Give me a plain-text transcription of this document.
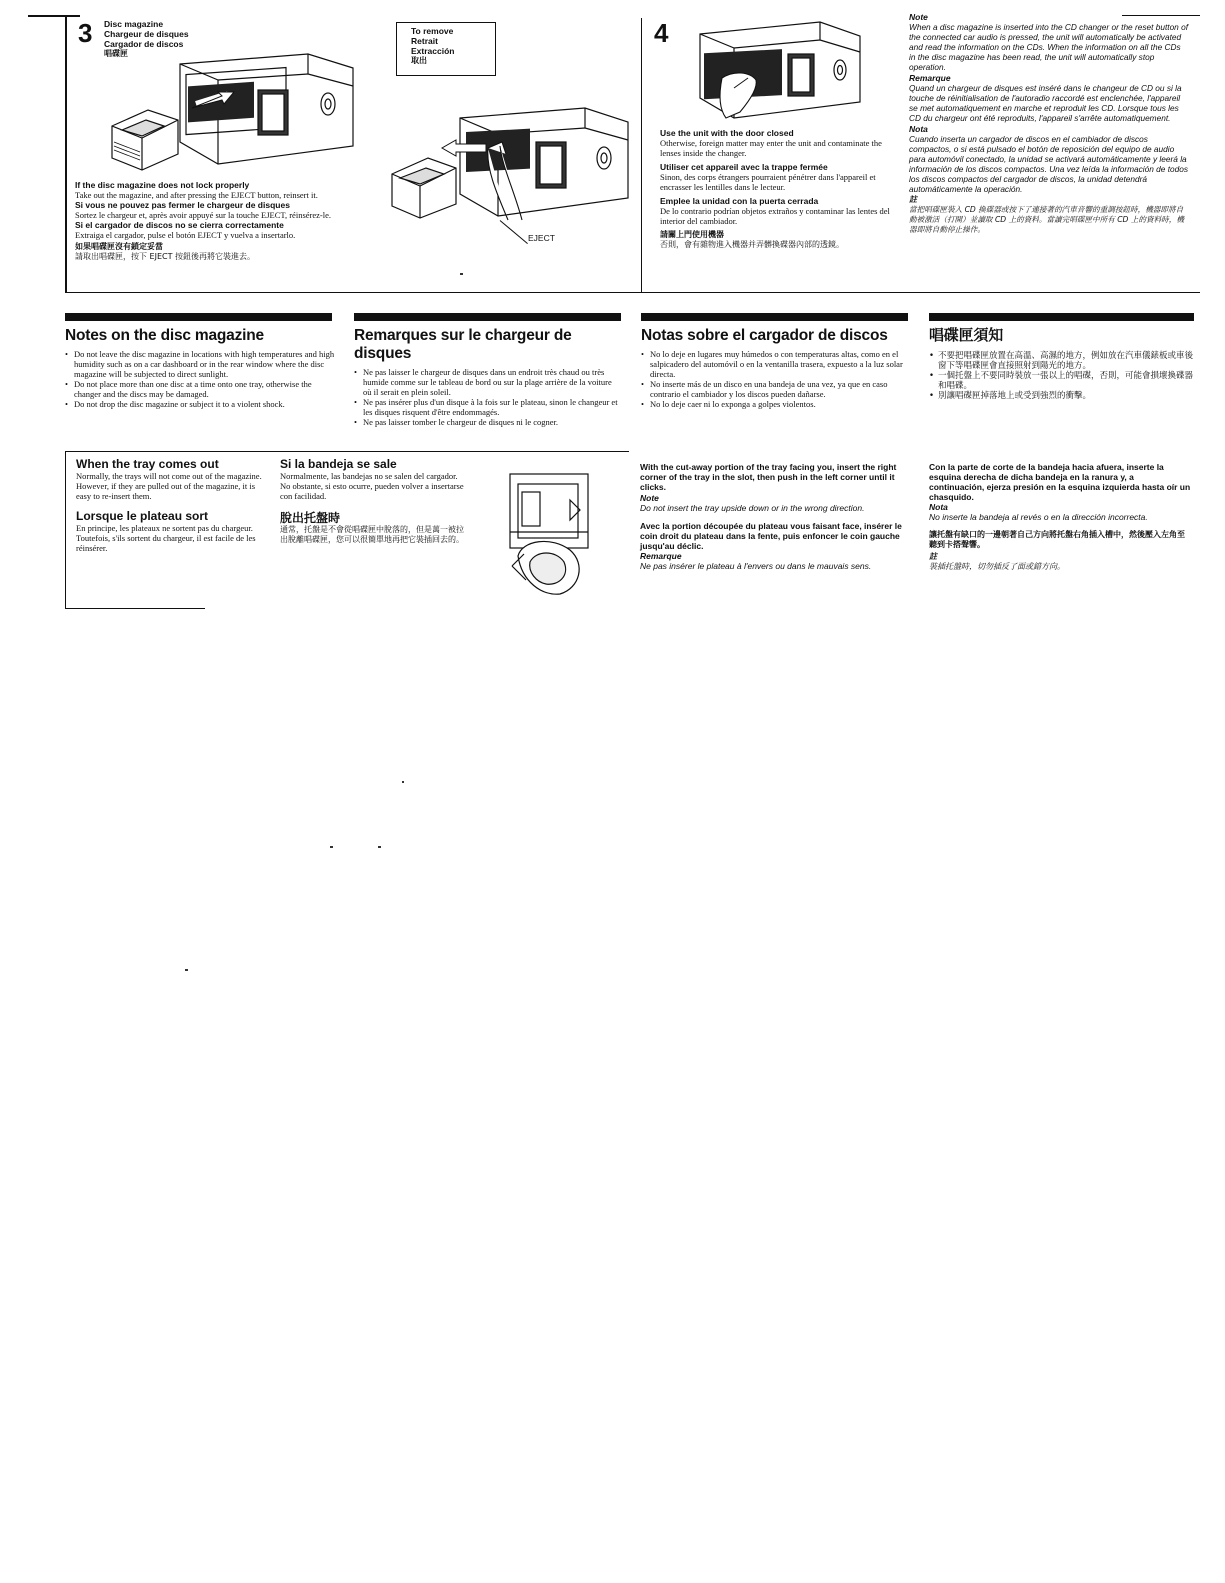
3 Disc magazine
Chargeur de disques
Cargador de discos
唱碟匣
If the disc magazine does not lock properly
Take out the magazine, and after pressing the EJECT button, reinsert it.
Si vous ne pouvez pas fermer le chargeur de disques
Sortez le chargeur et, après avoir appuyé sur la touche EJECT, réinsérez-le.
Si el cargador de discos no se cierra correctamente
Extraiga el cargador, pulse el botón EJECT y vuelva a insertarlo.
如果唱碟匣沒有鎖定妥當
請取出唱碟匣，按下 EJECT 按鈕後再將它裝進去。
To remove
Retrait
Extracción
取出
EJECT
4
Use the unit with the door closed
Otherwise, foreign matter may enter the unit and contaminate the lenses inside the changer.
Utiliser cet appareil avec la trappe fermée
Sinon, des corps étrangers pourraient pénétrer dans l'appareil et encrasser les lentilles dans le lecteur.
Emplee la unidad con la puerta cerrada
De lo contrario podrían objetos extraños y contaminar las lentes del interior del cambiador.
請關上門使用機器
否則，會有雜物進入機器并弄髒換碟器內部的透鏡。
Note
When a disc magazine is inserted into the CD changer or the reset button of the connected car audio is pressed, the unit will automatically be activated and read the information on the CDs. When the information on all the CDs in the disc magazine has been read, the unit will automatically stop operation.
Remarque
Quand un chargeur de disques est inséré dans le changeur de CD ou si la touche de réinitialisation de l'autoradio raccordé est enclenchée, l'appareil se met automatiquement en marche et reproduit les CD. Lorsque tous les CD du chargeur ont été reproduits, l'appareil s'arrête automatiquement.
Nota
Cuando inserta un cargador de discos en el cambiador de discos compactos, o si está pulsado el botón de reposición del equipo de audio para automóvil conectado, la unidad se activará automáticamente y leerá la información de los discos compactos. Una vez leída la información de todos los discos compactos del cargador de discos, la unidad detendrá automáticamente la operación.
註
當把唱碟匣裝入 CD 換碟器或按下了連接著的汽車音響的重調按鈕時，機器即將自動被激活（打開）並讀取 CD 上的資料。當讀完唱碟匣中所有 CD 上的資料時，機器即將自動停止操作。
Notes on the disc magazine
• Do not leave the disc magazine in locations with high temperatures and high humidity such as on a car dashboard or in the rear window where the disc magazine will be subjected to direct sunlight.
• Do not place more than one disc at a time onto one tray, otherwise the changer and the discs may be damaged.
• Do not drop the disc magazine or subject it to a violent shock.
Remarques sur le chargeur de disques
• Ne pas laisser le chargeur de disques dans un endroit très chaud ou très humide comme sur le tableau de bord ou sur la plage arrière de la voiture où il serait en plein soleil.
• Ne pas insérer plus d'un disque à la fois sur le plateau, sinon le changeur et les disques risquent d'être endommagés.
• Ne pas laisser tomber le chargeur de disques ni le cogner.
Notas sobre el cargador de discos
• No lo deje en lugares muy húmedos o con temperaturas altas, como en el salpicadero del automóvil o en la ventanilla trasera, expuesto a la luz solar directa.
• No inserte más de un disco en una bandeja de una vez, ya que en caso contrario el cambiador y los discos pueden dañarse.
• No lo deje caer ni lo exponga a golpes violentos.
唱碟匣須知
• 不要把唱碟匣放置在高溫、高濕的地方，例如放在汽車儀錶板或車後窗下等唱碟匣會直接照射到陽光的地方。
• 一個托盤上不要同時裝放一張以上的唱碟，否則，可能會損壞換碟器和唱碟。
• 別讓唱碟匣掉落地上或受到強烈的衝擊。
When the tray comes out
Normally, the trays will not come out of the magazine. However, if they are pulled out of the magazine, it is easy to re-insert them.
Lorsque le plateau sort
En principe, les plateaux ne sortent pas du chargeur. Toutefois, s'ils sortent du chargeur, il est facile de les réinsérer.
Si la bandeja se sale
Normalmente, las bandejas no se salen del cargador. No obstante, si esto ocurre, pueden volver a insertarse con facilidad.
脫出托盤時
通常，托盤是不會從唱碟匣中脫落的，但是萬一被拉出脫離唱碟匣，您可以很簡單地再把它裝插回去的。
With the cut-away portion of the tray facing you, insert the right corner of the tray in the slot, then push in the left corner until it clicks.
Note
Do not insert the tray upside down or in the wrong direction.
Avec la portion découpée du plateau vous faisant face, insérer le coin droit du plateau dans la fente, puis enfoncer le coin gauche jusqu'au déclic.
Remarque
Ne pas insérer le plateau à l'envers ou dans le mauvais sens.
Con la parte de corte de la bandeja hacia afuera, inserte la esquina derecha de dicha bandeja en la ranura y, a continuación, ejerza presión en la esquina izquierda hasta oír un chasquido.
Nota
No inserte la bandeja al revés o en la dirección incorrecta.
讓托盤有缺口的一邊朝著自己方向將托盤右角插入槽中，然後壓入左角至聽到卡搭聲響。
註
裝插托盤時，切勿插反了面或錯方向。
